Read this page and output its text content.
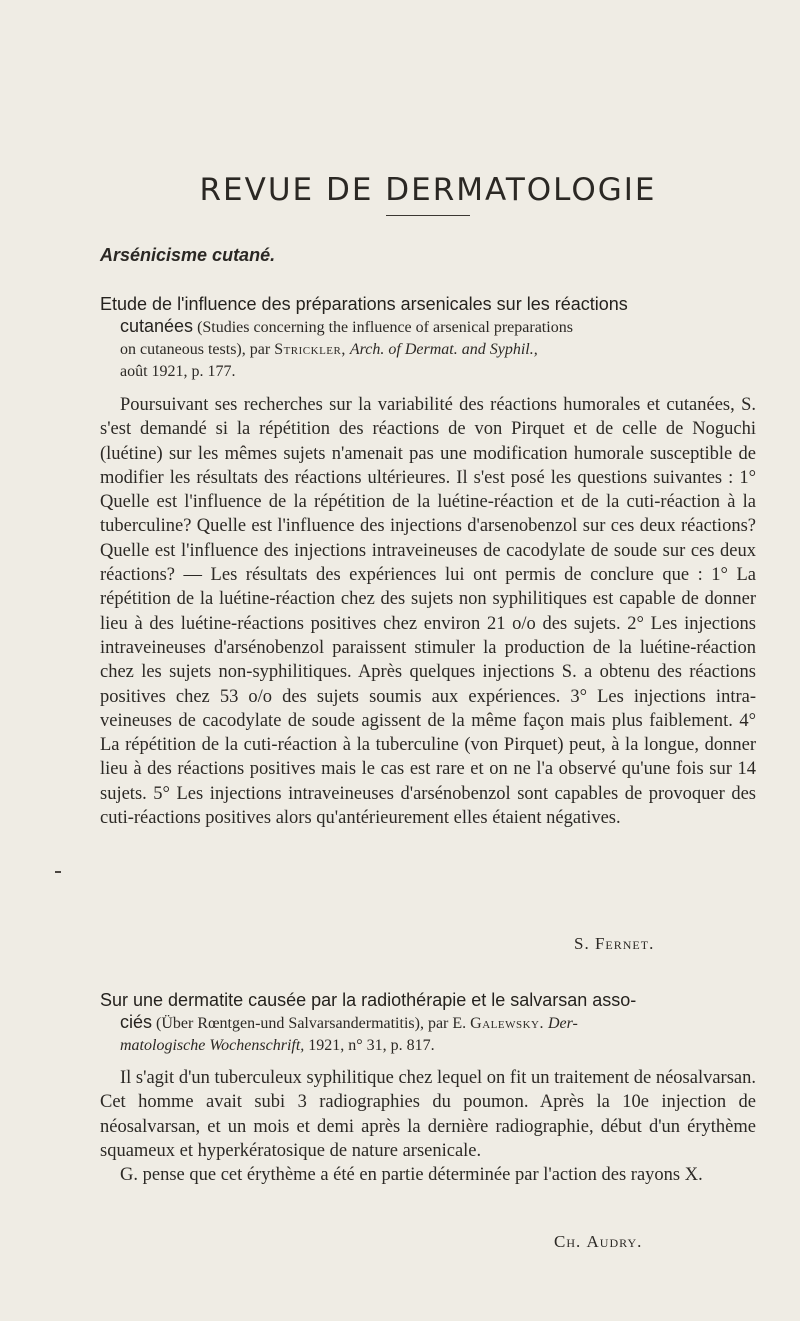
REVUE DE DERMATOLOGIE
Arsénicisme cutané.
Etude de l'influence des préparations arsenicales sur les réactions
cutanées (Studies concerning the influence of arsenical preparations
on cutaneous tests), par Strickler, Arch. of Dermat. and Syphil.,
août 1921, p. 177.

Poursuivant ses recherches sur la variabilité des réactions humorales et cutanées, S. s'est demandé si la répétition des réactions de von Pirquet et de celle de Noguchi (luétine) sur les mêmes sujets n'amenait pas une modification humorale susceptible de modifier les résultats des réactions ultérieures. Il s'est posé les questions suivantes : 1° Quelle est l'influence de la répétition de la luétine-réaction et de la cuti-réaction à la tuberculine? Quelle est l'influence des injections d'arsenobenzol sur ces deux réactions? Quelle est l'influence des injections intraveineuses de cacodylate de soude sur ces deux réactions? — Les résultats des expériences lui ont permis de conclure que : 1° La répétition de la luétine-réaction chez des sujets non syphilitiques est capable de donner lieu à des luétine-réactions positives chez environ 21 o/o des sujets. 2° Les injections intraveineuses d'arsénobenzol paraissent stimuler la production de la luétine-réaction chez les sujets non-syphilitiques. Après quelques injections S. a obtenu des réactions positives chez 53 o/o des sujets soumis aux expériences. 3° Les injections intra-veineuses de cacodylate de soude agissent de la même façon mais plus faiblement. 4° La répétition de la cuti-réaction à la tuberculine (von Pirquet) peut, à la longue, donner lieu à des réactions positives mais le cas est rare et on ne l'a observé qu'une fois sur 14 sujets. 5° Les injections intraveineuses d'arsénobenzol sont capables de provoquer des cuti-réactions positives alors qu'antérieurement elles étaient négatives.

S. Fernet.
Sur une dermatite causée par la radiothérapie et le salvarsan asso-
ciés (Über Rœntgen-und Salvarsandermatitis), par E. Galewsky. Der-
matologische Wochenschrift, 1921, n° 31, p. 817.

Il s'agit d'un tuberculeux syphilitique chez lequel on fit un traitement de néosalvarsan. Cet homme avait subi 3 radiographies du poumon. Après la 10e injection de néosalvarsan, et un mois et demi après la dernière radiographie, début d'un érythème squameux et hyperkératosique de nature arsenicale.

G. pense que cet érythème a été en partie déterminée par l'action des rayons X.

Ch. Audry.
